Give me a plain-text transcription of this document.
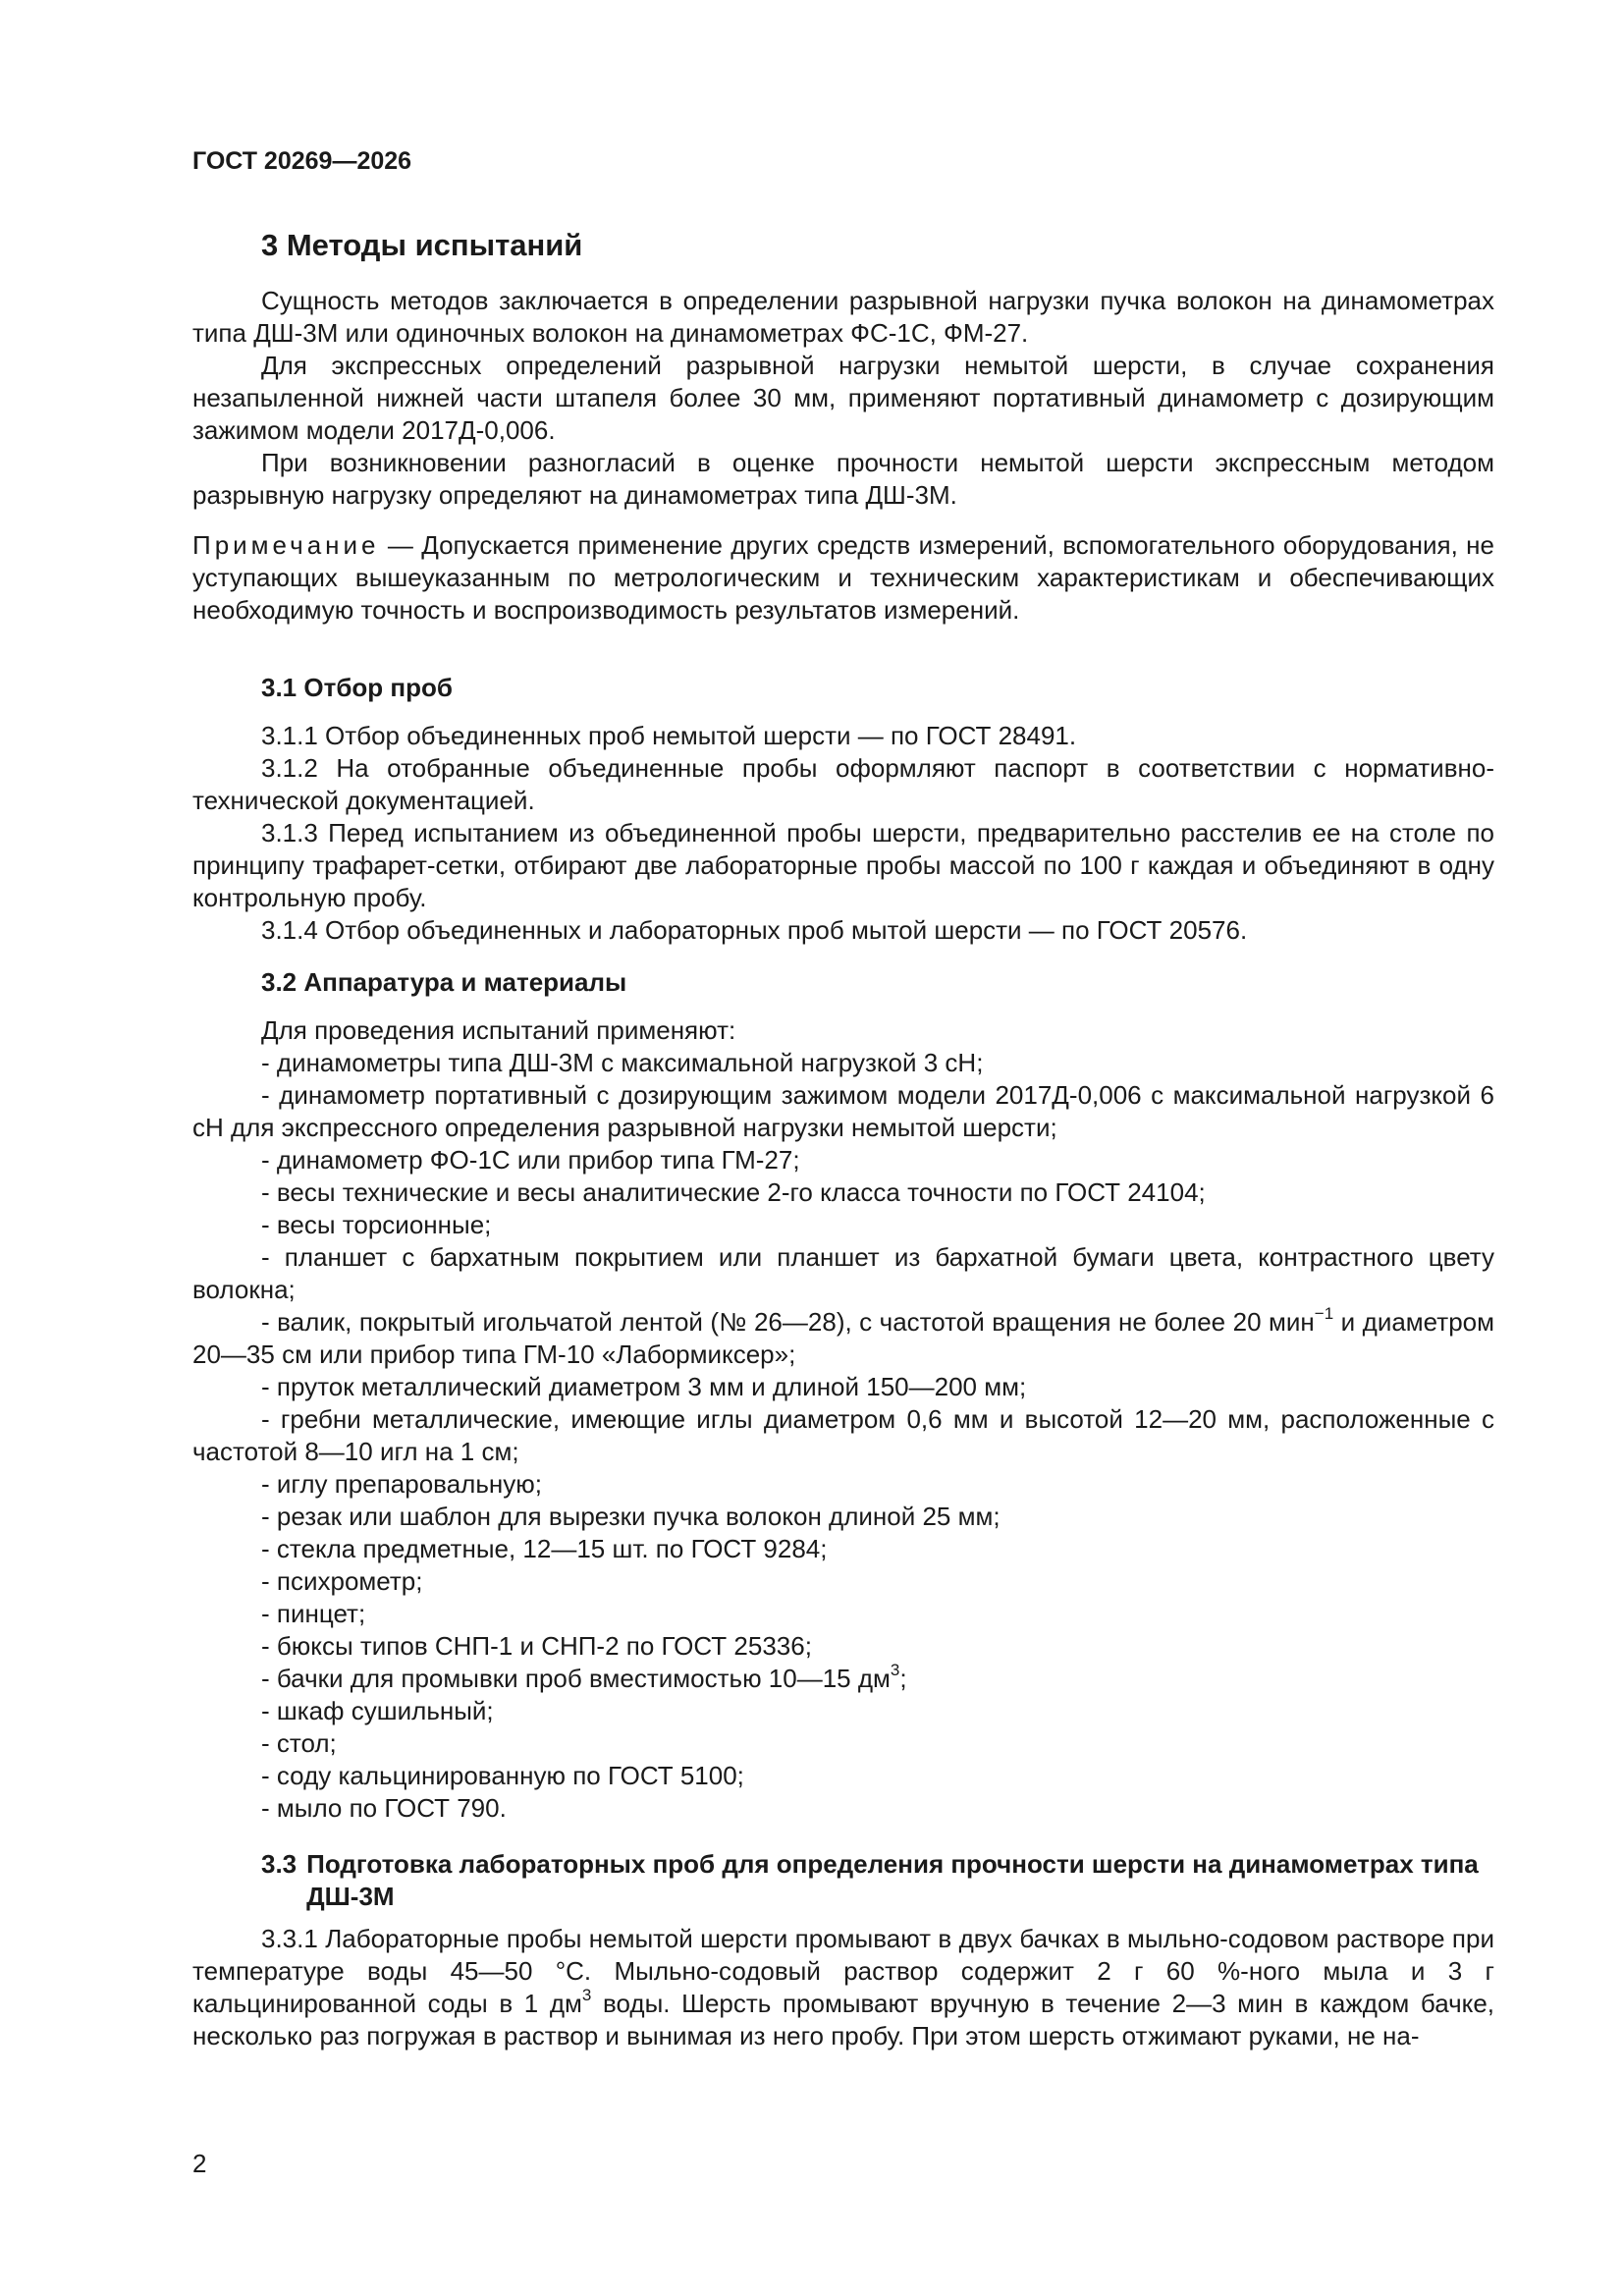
ГОСТ 20269—2026
3 Методы испытаний

Сущность методов заключается в определении разрывной нагрузки пучка волокон на динамометрах типа ДШ-3М или одиночных волокон на динамометрах ФС-1С, ФМ-27.

Для экспрессных определений разрывной нагрузки немытой шерсти, в случае сохранения незапыленной нижней части штапеля более 30 мм, применяют портативный динамометр с дозирующим зажимом модели 2017Д-0,006.

При возникновении разногласий в оценке прочности немытой шерсти экспрессным методом разрывную нагрузку определяют на динамометрах типа ДШ-3М.

Примечание — Допускается применение других средств измерений, вспомогательного оборудования, не уступающих вышеуказанным по метрологическим и техническим характеристикам и обеспечивающих необходимую точность и воспроизводимость результатов измерений.

3.1 Отбор проб

3.1.1 Отбор объединенных проб немытой шерсти — по ГОСТ 28491.

3.1.2 На отобранные объединенные пробы оформляют паспорт в соответствии с нормативно-технической документацией.

3.1.3 Перед испытанием из объединенной пробы шерсти, предварительно расстелив ее на столе по принципу трафарет-сетки, отбирают две лабораторные пробы массой по 100 г каждая и объединяют в одну контрольную пробу.

3.1.4 Отбор объединенных и лабораторных проб мытой шерсти — по ГОСТ 20576.

3.2 Аппаратура и материалы

Для проведения испытаний применяют:

- динамометры типа ДШ-3М с максимальной нагрузкой 3 сН;

- динамометр портативный с дозирующим зажимом модели 2017Д-0,006 с максимальной нагрузкой 6 сН для экспрессного определения разрывной нагрузки немытой шерсти;

- динамометр ФО-1С или прибор типа ГМ-27;

- весы технические и весы аналитические 2-го класса точности по ГОСТ 24104;

- весы торсионные;

- планшет с бархатным покрытием или планшет из бархатной бумаги цвета, контрастного цвету волокна;

- валик, покрытый игольчатой лентой (№ 26—28), с частотой вращения не более 20 мин$^{-1}$ и диаметром 20—35 см или прибор типа ГМ-10 «Лабормиксер»;

- пруток металлический диаметром 3 мм и длиной 150—200 мм;

- гребни металлические, имеющие иглы диаметром 0,6 мм и высотой 12—20 мм, расположенные с частотой 8—10 игл на 1 см;

- иглу препаровальную;

- резак или шаблон для вырезки пучка волокон длиной 25 мм;

- стекла предметные, 12—15 шт. по ГОСТ 9284;

- психрометр;

- пинцет;

- бюксы типов СНП-1 и СНП-2 по ГОСТ 25336;

- бачки для промывки проб вместимостью 10—15 $дм^3$;

- шкаф сушильный;

- стол;

- соду кальцинированную по ГОСТ 5100;

- мыло по ГОСТ 790.

3.3 Подготовка лабораторных проб для определения прочности шерсти на динамометрах типа ДШ-3М

3.3.1 Лабораторные пробы немытой шерсти промывают в двух бачках в мыльно-содовом растворе при температуре воды 45—50 °С. Мыльно-содовый раствор содержит 2 г 60 %-ного мыла и 3 г кальцинированной соды в 1 $дм^3$ воды. Шерсть промывают вручную в течение 2—3 мин в каждом бачке, несколько раз погружая в раствор и вынимая из него пробу. При этом шерсть отжимают руками, не на-

2
